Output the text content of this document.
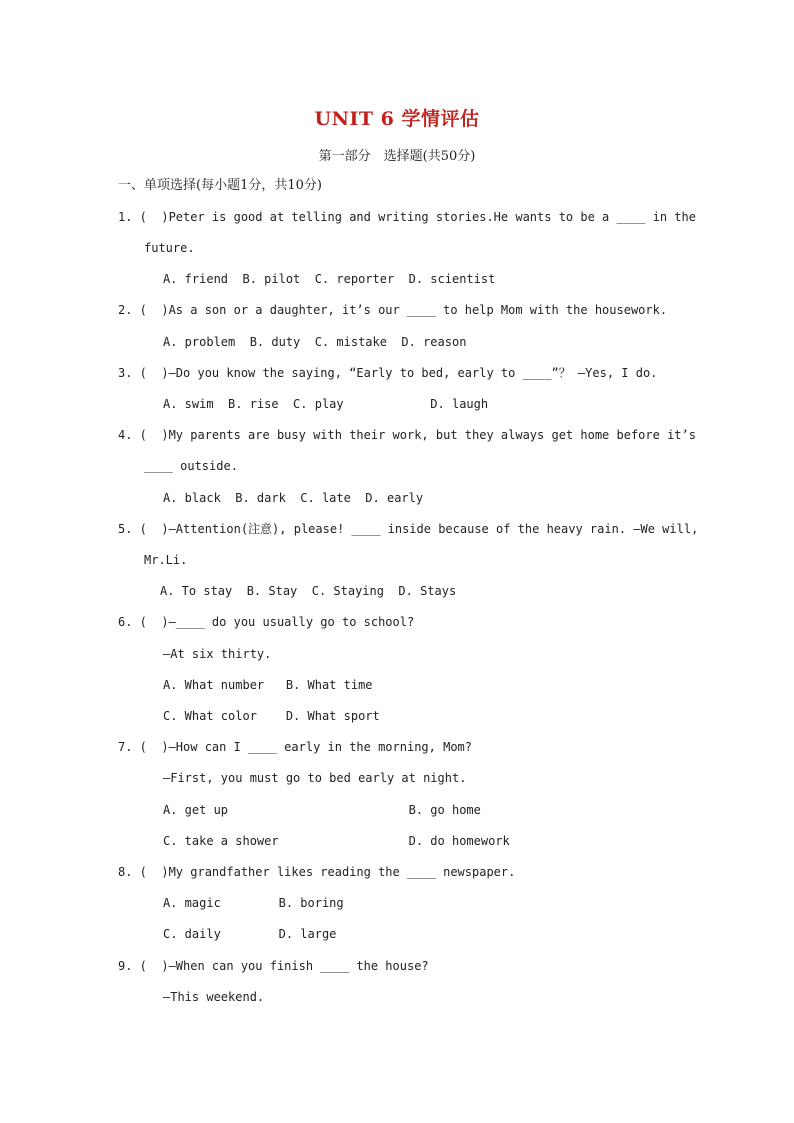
UNIT 6 学情评估
第一部分　选择题(共50分)
一、单项选择(每小题1分，共10分)
1. (  )Peter is good at telling and writing stories.He wants to be a ____ in the
future.
A. friend  B. pilot  C. reporter  D. scientist
2. (  )As a son or a daughter, it’s our ____ to help Mom with the housework.
A. problem  B. duty  C. mistake  D. reason
3. (  )—Do you know the saying, “Early to bed, early to ____”？ —Yes, I do.
A. swim  B. rise  C. play            D. laugh
4. (  )My parents are busy with their work, but they always get home before it’s
____ outside.
A. black  B. dark  C. late  D. early
5. (  )—Attention(注意), please! ____ inside because of the heavy rain. —We will,
Mr.Li.
A. To stay  B. Stay  C. Staying  D. Stays
6. (  )—____ do you usually go to school?
—At six thirty.
A. What number   B. What time
C. What color    D. What sport
7. (  )—How can I ____ early in the morning, Mom?
—First, you must go to bed early at night.
A. get up                         B. go home
C. take a shower                  D. do homework
8. (  )My grandfather likes reading the ____ newspaper.
A. magic        B. boring
C. daily        D. large
9. (  )—When can you finish ____ the house?
—This weekend.
